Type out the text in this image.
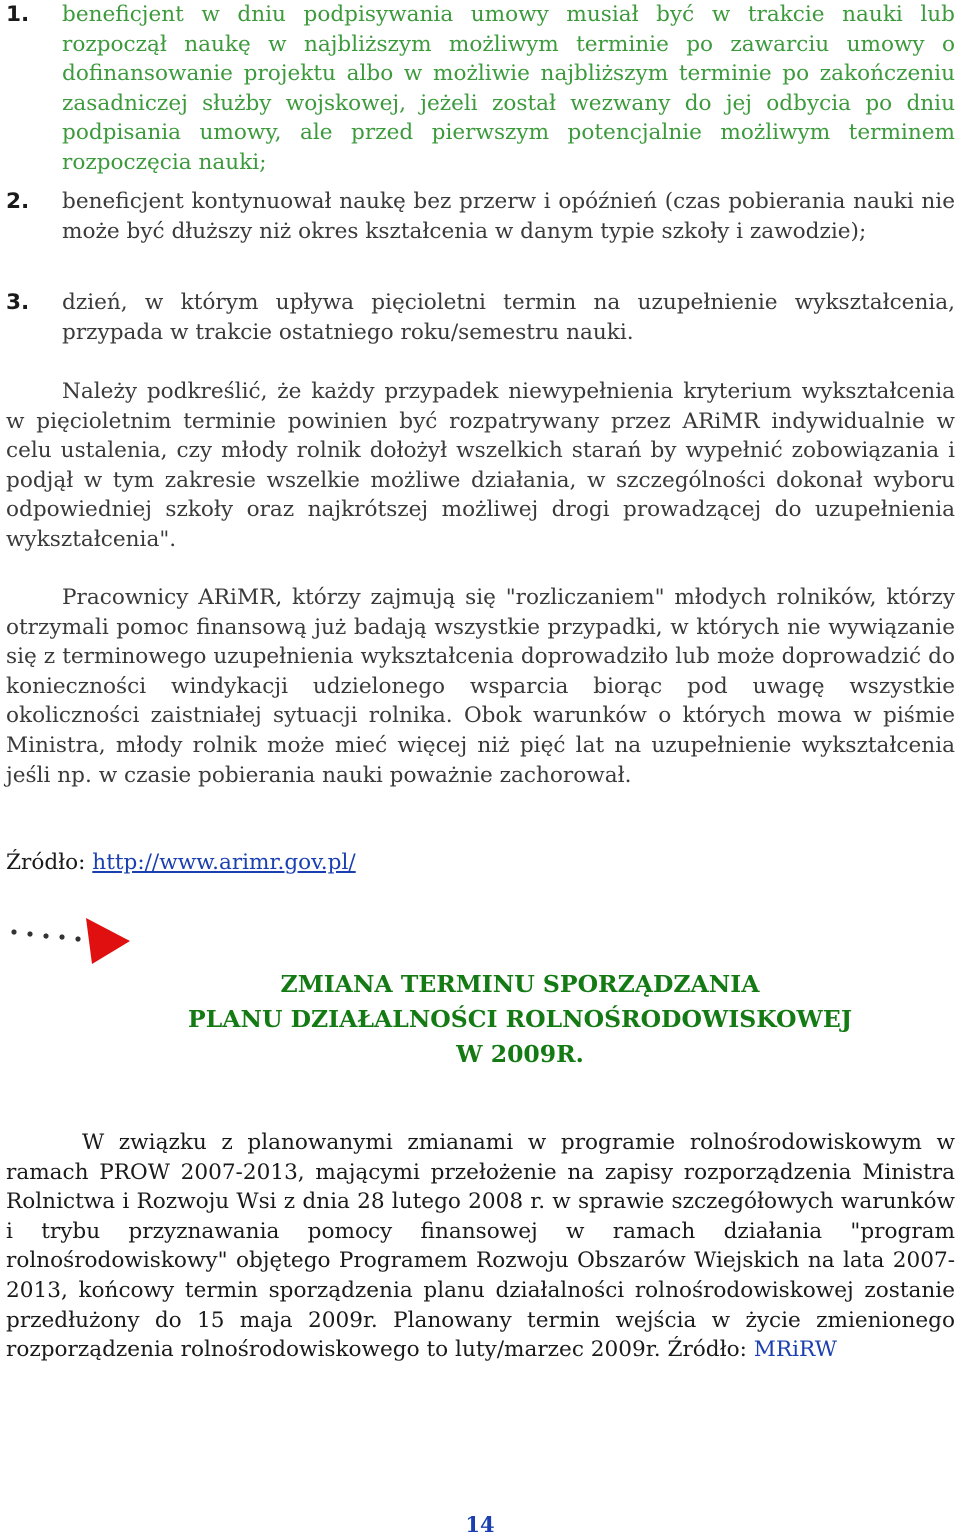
1. beneficjent w dniu podpisywania umowy musiał być w trakcie nauki lub rozpoczął naukę w najbliższym możliwym terminie po zawarciu umowy o dofinansowanie projektu albo w możliwie najbliższym terminie po zakończeniu zasadniczej służby wojskowej, jeżeli został wezwany do jej odbycia po dniu podpisania umowy, ale przed pierwszym potencjalnie możliwym terminem rozpoczęcia nauki;
2. beneficjent kontynuował naukę bez przerw i opóźnień (czas pobierania nauki nie może być dłuższy niż okres kształcenia w danym typie szkoły i zawodzie);
3. dzień, w którym upływa pięcioletni termin na uzupełnienie wykształcenia, przypada w trakcie ostatniego roku/semestru nauki.

Należy podkreślić, że każdy przypadek niewypełnienia kryterium wykształcenia w pięcioletnim terminie powinien być rozpatrywany przez ARiMR indywidualnie w celu ustalenia, czy młody rolnik dołożył wszelkich starań by wypełnić zobowiązania i podjął w tym zakresie wszelkie możliwe działania, w szczególności dokonał wyboru odpowiedniej szkoły oraz najkrótszej możliwej drogi prowadzącej do uzupełnienia wykształcenia".

Pracownicy ARiMR, którzy zajmują się "rozliczaniem" młodych rolników, którzy otrzymali pomoc finansową już badają wszystkie przypadki, w których nie wywiązanie się z terminowego uzupełnienia wykształcenia doprowadziło lub może doprowadzić do konieczności windykacji udzielonego wsparcia biorąc pod uwagę wszystkie okoliczności zaistniałej sytuacji rolnika. Obok warunków o których mowa w piśmie Ministra, młody rolnik może mieć więcej niż pięć lat na uzupełnienie wykształcenia jeśli np. w czasie pobierania nauki poważnie zachorował.

Źródło: http://www.arimr.gov.pl/
ZMIANA TERMINU SPORZĄDZANIA
PLANU DZIAŁALNOŚCI ROLNOŚRODOWISKOWEJ
W 2009R.

W związku z planowanymi zmianami w programie rolnośrodowiskowym w ramach PROW 2007-2013, mającymi przełożenie na zapisy rozporządzenia Ministra Rolnictwa i Rozwoju Wsi z dnia 28 lutego 2008 r. w sprawie szczegółowych warunków i trybu przyznawania pomocy finansowej w ramach działania "program rolnośrodowiskowy" objętego Programem Rozwoju Obszarów Wiejskich na lata 2007-2013, końcowy termin sporządzenia planu działalności rolnośrodowiskowej zostanie przedłużony do 15 maja 2009r. Planowany termin wejścia w życie zmienionego rozporządzenia rolnośrodowiskowego to luty/marzec 2009r. Źródło: MRiRW

14
